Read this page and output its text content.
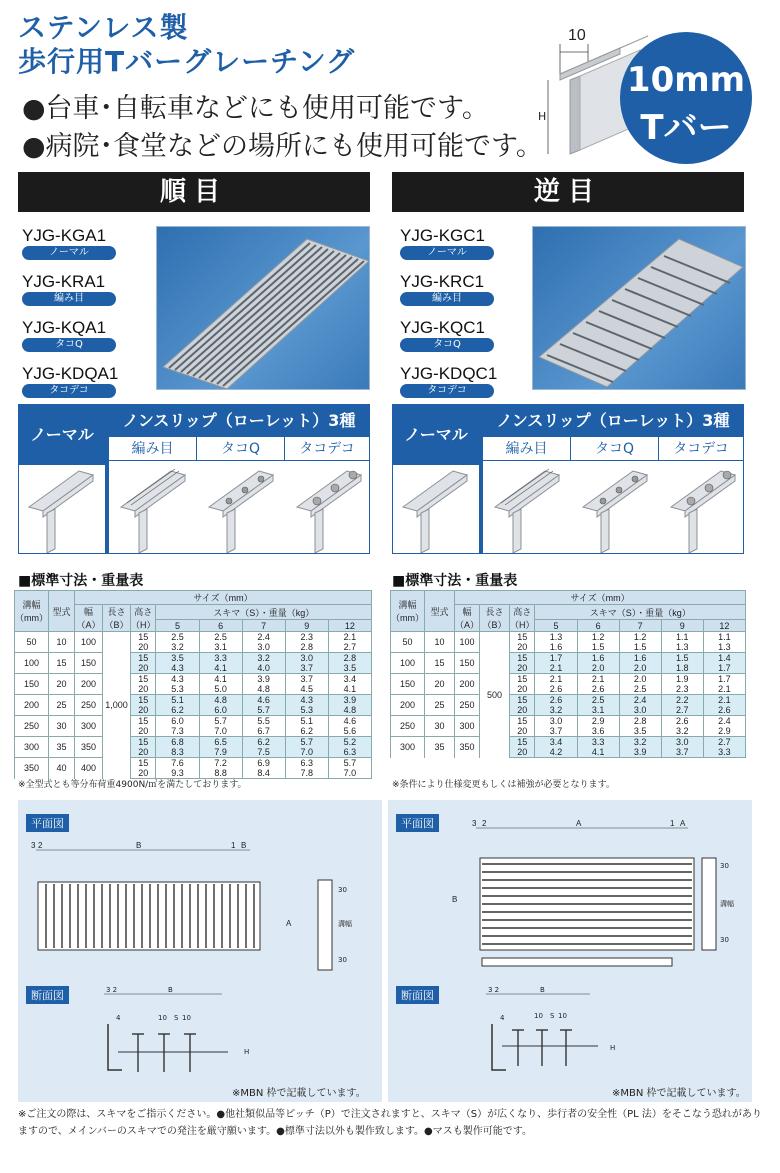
ステンレス製
歩行用Tバーグレーチング
●台車･自転車などにも使用可能です。
●病院･食堂などの場所にも使用可能です。
10
H
10mm
Tバー
順目	逆目
YJG-KGA1
ノーマル
YJG-KRA1
編み目
YJG-KQA1
タコQ
YJG-KDQA1
タコデコ
YJG-KGC1
ノーマル
YJG-KRC1
編み目
YJG-KQC1
タコQ
YJG-KDQC1
タコデコ
ノーマル
ノンスリップ（ローレット）3種
編み目	タコQ	タコデコ
ノーマル
ノンスリップ（ローレット）3種
編み目	タコQ	タコデコ
■標準寸法・重量表
溝幅（mm）	型式	サイズ（mm）							
		幅（A）	長さ（B）	高さ（H）	スキマ（S）・重量（kg）				
					5	6	7	9	12
50	10	100	1,000	15	2.5	2.5	2.4	2.3	2.1
				20	3.2	3.1	3.0	2.8	2.7
100	15	150		15	3.5	3.3	3.2	3.0	2.8
				20	4.3	4.1	4.0	3.7	3.5
150	20	200		15	4.3	4.1	3.9	3.7	3.4
				20	5.3	5.0	4.8	4.5	4.1
200	25	250		15	5.1	4.8	4.6	4.3	3.9
				20	6.2	6.0	5.7	5.3	4.8
250	30	300		15	6.0	5.7	5.5	5.1	4.6
				20	7.3	7.0	6.7	6.2	5.6
300	35	350		15	6.8	6.5	6.2	5.7	5.2
				20	8.3	7.9	7.5	7.0	6.3
350	40	400		15	7.6	7.2	6.9	6.3	5.7
				20	9.3	8.8	8.4	7.8	7.0
※全型式とも等分布荷重4900N/㎡を満たしております。
■標準寸法・重量表
溝幅（mm）	型式	サイズ（mm）							
		幅（A）	長さ（B）	高さ（H）	スキマ（S）・重量（kg）				
					5	6	7	9	12
50	10	100	500	15	1.3	1.2	1.2	1.1	1.1
				20	1.6	1.5	1.5	1.3	1.3
100	15	150		15	1.7	1.6	1.6	1.5	1.4
				20	2.1	2.0	2.0	1.8	1.7
150	20	200		15	2.1	2.1	2.0	1.9	1.7
				20	2.6	2.6	2.5	2.3	2.1
200	25	250		15	2.6	2.5	2.4	2.2	2.1
				20	3.2	3.1	3.0	2.7	2.6
250	30	300		15	3.0	2.9	2.8	2.6	2.4
				20	3.7	3.6	3.5	3.2	2.9
300	35	350		15	3.4	3.3	3.2	3.0	2.7
				20	4.2	4.1	3.9	3.7	3.3
※条件により仕様変更もしくは補強が必要となります。
平面図
3 2	B	1 B
A
30
溝幅
30
断面図	3 2	B
10 S 10
4
H
※MBN 枠で記載しています。
平面図	3 2	A	1 A
B
30
溝幅
30
断面図	3 2	B
10 S 10
4
H
※MBN 枠で記載しています。
※ご注文の際は、スキマをご指示ください。●他社類似品等ピッチ（P）で注文されますと、スキマ（S）が広くなり、歩行者の安全性（PL 法）をそこなう恐れがありますので、メインバーのスキマでの発注を厳守願います。●標準寸法以外も製作致します。●マスも製作可能です。
